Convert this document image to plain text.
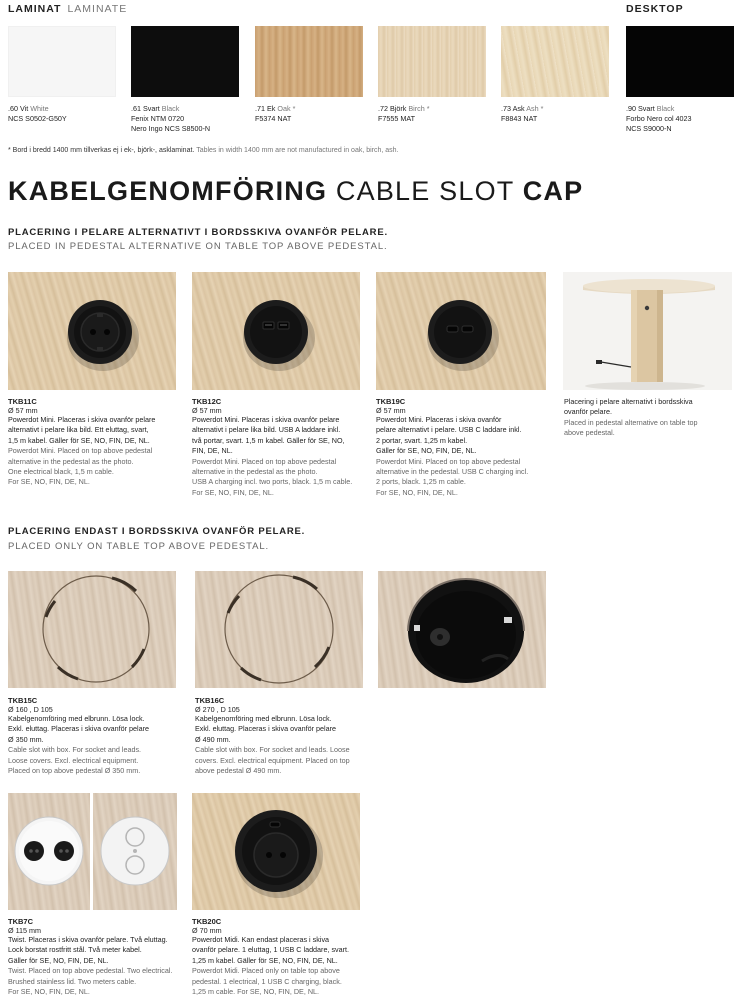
LAMINAT LAMINATE	DESKTOP
.60 Vit White
NCS S0502-G50Y
.61 Svart Black
Fenix NTM 0720
Nero Ingo NCS S8500-N
.71 Ek Oak *
F5374 NAT
.72 Björk Birch *
F7555 MAT
.73 Ask Ash *
F8843 NAT
.90 Svart Black
Forbo Nero col 4023
NCS S9000-N
* Bord i bredd 1400 mm tillverkas ej i ek-, björk-, asklaminat. Tables in width 1400 mm are not manufactured in oak, birch, ash.
KABELGENOMFÖRING CABLE SLOT CAP
PLACERING I PELARE ALTERNATIVT I BORDSSKIVA OVANFÖR PELARE.
PLACED IN PEDESTAL ALTERNATIVE ON TABLE TOP ABOVE PEDESTAL.
TKB11C
Ø 57 mm
Powerdot Mini. Placeras i skiva ovanför pelare
alternativt i pelare lika bild. Ett eluttag, svart,
1,5 m kabel. Gäller för SE, NO, FIN, DE, NL.
Powerdot Mini. Placed on top above pedestal
alternative in the pedestal as the photo.
One electrical black, 1,5 m cable.
For SE, NO, FIN, DE, NL.
TKB12C
Ø 57 mm
Powerdot Mini. Placeras i skiva ovanför pelare
alternativt i pelare lika bild. USB A laddare inkl.
två portar, svart. 1,5 m kabel. Gäller för SE, NO,
FIN, DE, NL.
Powerdot Mini. Placed on top above pedestal
alternative in the pedestal as the photo.
USB A charging incl. two ports, black. 1,5 m cable.
For SE, NO, FIN, DE, NL.
TKB19C
Ø 57 mm
Powerdot Mini. Placeras i skiva ovanför
pelare alternativt i pelare. USB C laddare inkl.
2 portar, svart. 1,25 m kabel.
Gäller för SE, NO, FIN, DE, NL.
Powerdot Mini. Placed on top above pedestal
alternative in the pedestal. USB C charging incl.
2 ports, black. 1,25 m cable.
For SE, NO, FIN, DE, NL.
Placering i pelare alternativt i bordsskiva
ovanför pelare.
Placed in pedestal alternative on table top
above pedestal.
PLACERING ENDAST I BORDSSKIVA OVANFÖR PELARE.
PLACED ONLY ON TABLE TOP ABOVE PEDESTAL.
TKB15C
Ø 160 , D 105
Kabelgenomföring med elbrunn. Lösa lock.
Exkl. eluttag. Placeras i skiva ovanför pelare
Ø 350 mm.
Cable slot with box. For socket and leads.
Loose covers. Excl. electrical equipment.
Placed on top above pedestal Ø 350 mm.
TKB16C
Ø 270 , D 105
Kabelgenomföring med elbrunn. Lösa lock.
Exkl. eluttag. Placeras i skiva ovanför pelare
Ø 490 mm.
Cable slot with box. For socket and leads. Loose
covers. Excl. electrical equipment. Placed on top
above pedestal Ø 490 mm.
TKB7C
Ø 115 mm
Twist. Placeras i skiva ovanför pelare. Två eluttag.
Lock borstat rostfritt stål. Två meter kabel.
Gäller för SE, NO, FIN, DE, NL.
Twist. Placed on top above pedestal. Two electrical.
Brushed stainless lid. Two meters cable.
For SE, NO, FIN, DE, NL.
TKB20C
Ø 70 mm
Powerdot Midi. Kan endast placeras i skiva
ovanför pelare. 1 eluttag, 1 USB C laddare, svart.
1,25 m kabel. Gäller för SE, NO, FIN, DE, NL.
Powerdot Midi. Placed only on table top above
pedestal. 1 electrical, 1 USB C charging, black.
1,25 m cable. For SE, NO, FIN, DE, NL.
